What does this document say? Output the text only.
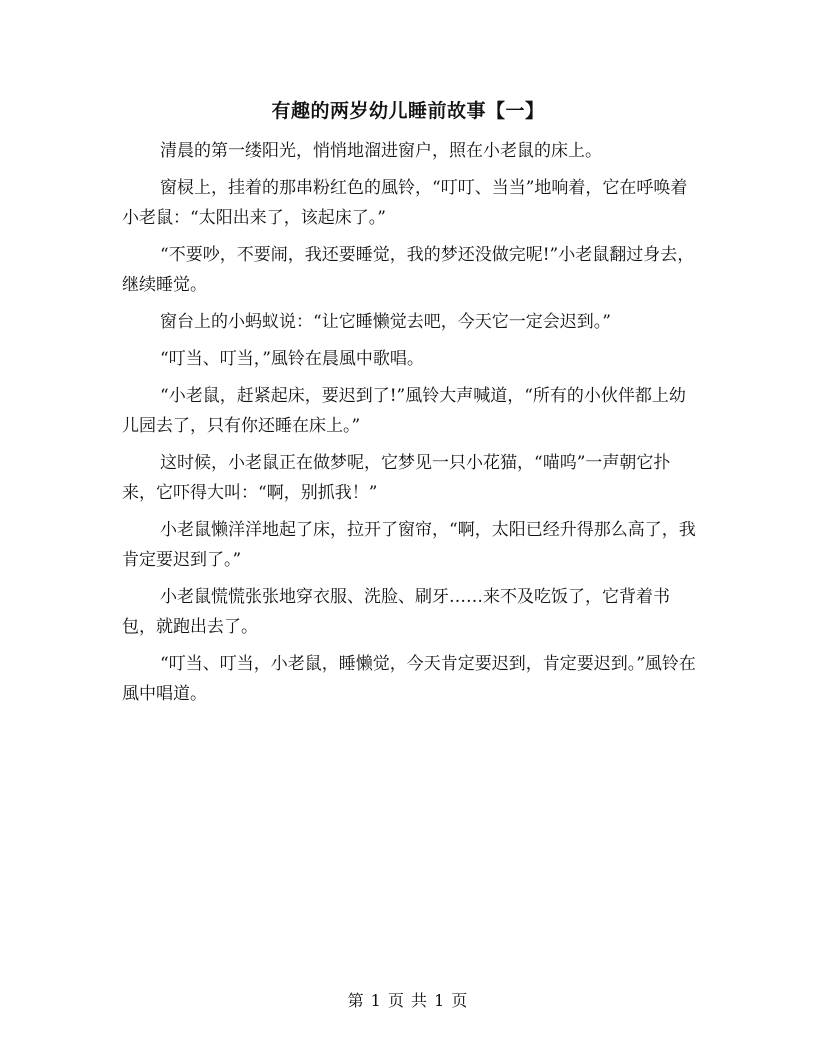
有趣的两岁幼儿睡前故事【一】

清晨的第一缕阳光，悄悄地溜进窗户，照在小老鼠的床上。

窗棂上，挂着的那串粉红色的風铃，“叮叮、当当”地响着，它在呼唤着小老鼠：“太阳出来了，该起床了。”

“不要吵，不要闹，我还要睡觉，我的梦还没做完呢!”小老鼠翻过身去，继续睡觉。

窗台上的小蚂蚁说：“让它睡懒觉去吧，今天它一定会迟到。”

“叮当、叮当，”風铃在晨風中歌唱。

“小老鼠，赶紧起床，要迟到了!”風铃大声喊道，“所有的小伙伴都上幼儿园去了，只有你还睡在床上。”

这时候，小老鼠正在做梦呢，它梦见一只小花猫，“喵呜”一声朝它扑来，它吓得大叫：“啊，别抓我！”

小老鼠懒洋洋地起了床，拉开了窗帘，“啊，太阳已经升得那么高了，我肯定要迟到了。”

小老鼠慌慌张张地穿衣服、洗脸、刷牙……来不及吃饭了，它背着书包，就跑出去了。

“叮当、叮当，小老鼠，睡懒觉，今天肯定要迟到，肯定要迟到。”風铃在風中唱道。

第 1 页 共 1 页
